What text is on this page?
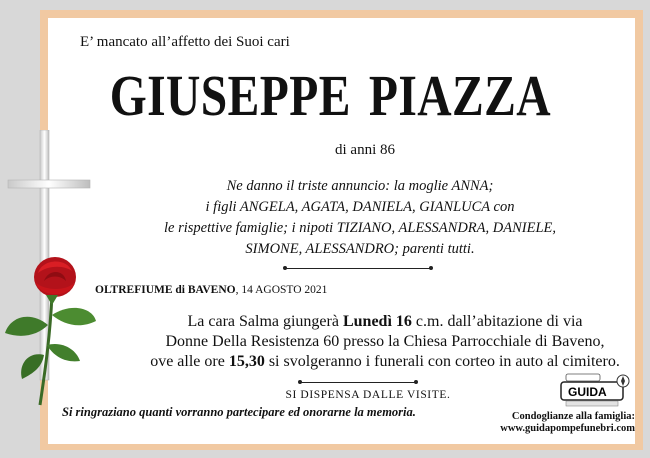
E’ mancato all’affetto dei Suoi cari
GIUSEPPE PIAZZA
di anni 86
Ne danno il triste annuncio: la moglie ANNA;
i figli ANGELA, AGATA, DANIELA, GIANLUCA con
le rispettive famiglie; i nipoti TIZIANO, ALESSANDRA, DANIELE,
SIMONE, ALESSANDRO; parenti tutti.
OLTREFIUME di BAVENO, 14 AGOSTO 2021
La cara Salma giungerà Lunedì 16 c.m. dall’abitazione di via
Donne Della Resistenza 60 presso la Chiesa Parrocchiale di Baveno,
ove alle ore 15,30 si svolgeranno i funerali con corteo in auto al cimitero.
SI DISPENSA DALLE VISITE.
Si ringraziano quanti vorranno partecipare ed onorarne la memoria.
GUIDA
Condoglianze alla famiglia:
www.guidapompefunebri.com
